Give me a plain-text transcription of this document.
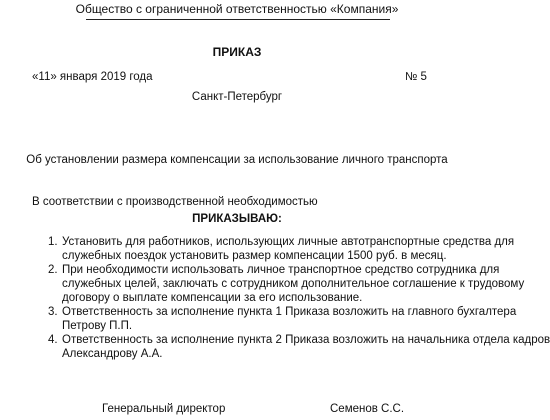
Общество с ограниченной ответственностью «Компания»
ПРИКАЗ
«11» января 2019 года	№ 5
Санкт-Петербург
Об установлении размера компенсации за использование личного транспорта
В соответствии с производственной необходимостью
ПРИКАЗЫВАЮ:
1. Установить для работников, использующих личные автотранспортные средства для
служебных поездок установить размер компенсации 1500 руб. в месяц.
2. При необходимости использовать личное транспортное средство сотрудника для
служебных целей, заключать с сотрудником дополнительное соглашение к трудовому
договору о выплате компенсации за его использование.
3. Ответственность за исполнение пункта 1 Приказа возложить на главного бухгалтера
Петрову П.П.
4. Ответственность за исполнение пункта 2 Приказа возложить на начальника отдела кадров
Александрову А.А.
Генеральный директор	Семенов С.С.
